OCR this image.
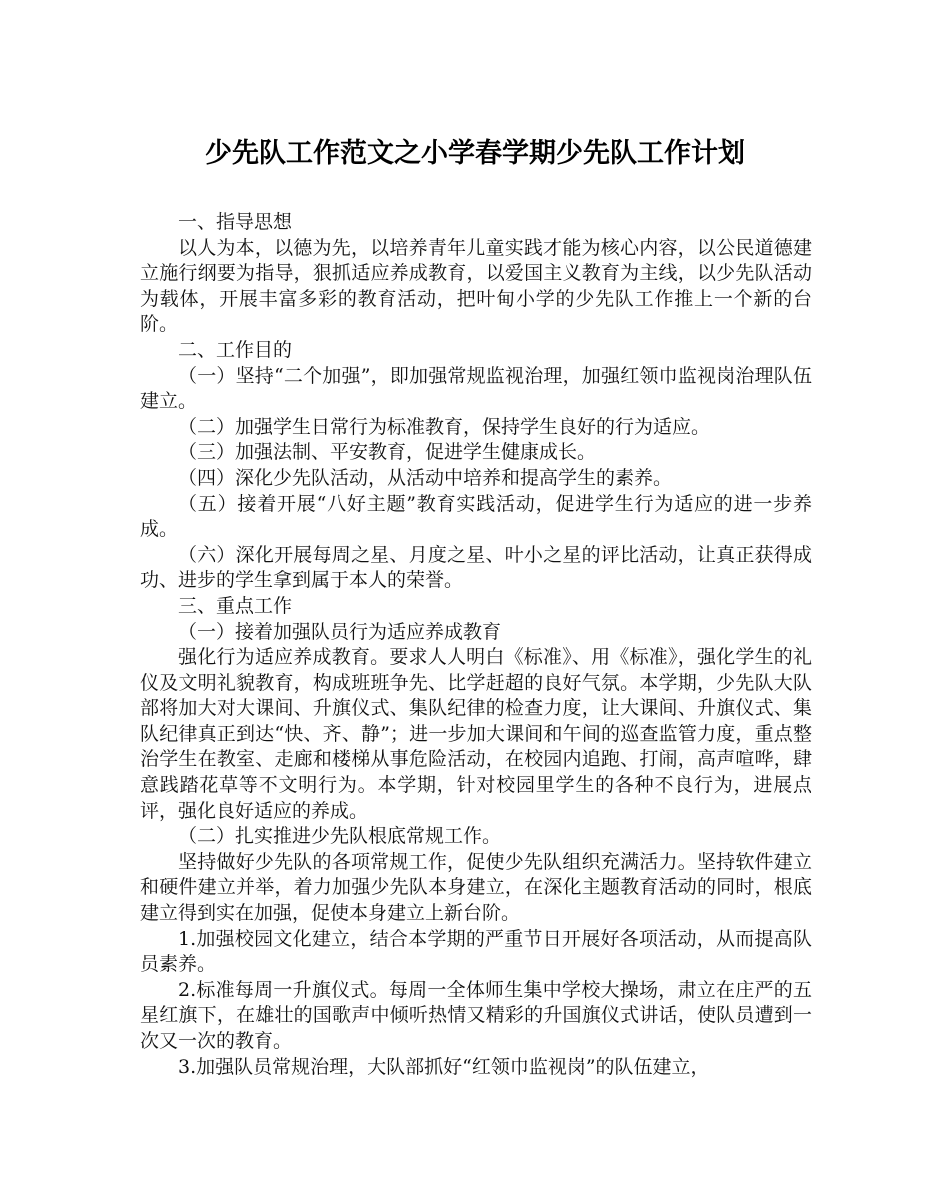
少先队工作范文之小学春学期少先队工作计划

一、指导思想

以人为本，以德为先，以培养青年儿童实践才能为核心内容，以公民道德建立施行纲要为指导，狠抓适应养成教育，以爱国主义教育为主线，以少先队活动为载体，开展丰富多彩的教育活动，把叶甸小学的少先队工作推上一个新的台阶。

二、工作目的

（一）坚持“二个加强”，即加强常规监视治理，加强红领巾监视岗治理队伍建立。

（二）加强学生日常行为标准教育，保持学生良好的行为适应。

（三）加强法制、平安教育，促进学生健康成长。

（四）深化少先队活动，从活动中培养和提高学生的素养。

（五）接着开展“八好主题”教育实践活动，促进学生行为适应的进一步养成。

（六）深化开展每周之星、月度之星、叶小之星的评比活动，让真正获得成功、进步的学生拿到属于本人的荣誉。

三、重点工作

（一）接着加强队员行为适应养成教育

强化行为适应养成教育。要求人人明白《标准》、用《标准》，强化学生的礼仪及文明礼貌教育，构成班班争先、比学赶超的良好气氛。本学期，少先队大队部将加大对大课间、升旗仪式、集队纪律的检查力度，让大课间、升旗仪式、集队纪律真正到达“快、齐、静”；进一步加大课间和午间的巡查监管力度，重点整治学生在教室、走廊和楼梯从事危险活动，在校园内追跑、打闹，高声喧哗，肆意践踏花草等不文明行为。本学期，针对校园里学生的各种不良行为，进展点评，强化良好适应的养成。

（二）扎实推进少先队根底常规工作。

坚持做好少先队的各项常规工作，促使少先队组织充满活力。坚持软件建立和硬件建立并举，着力加强少先队本身建立，在深化主题教育活动的同时，根底建立得到实在加强，促使本身建立上新台阶。

1.加强校园文化建立，结合本学期的严重节日开展好各项活动，从而提高队员素养。

2.标准每周一升旗仪式。每周一全体师生集中学校大操场，肃立在庄严的五星红旗下，在雄壮的国歌声中倾听热情又精彩的升国旗仪式讲话，使队员遭到一次又一次的教育。

3.加强队员常规治理，大队部抓好“红领巾监视岗”的队伍建立，
